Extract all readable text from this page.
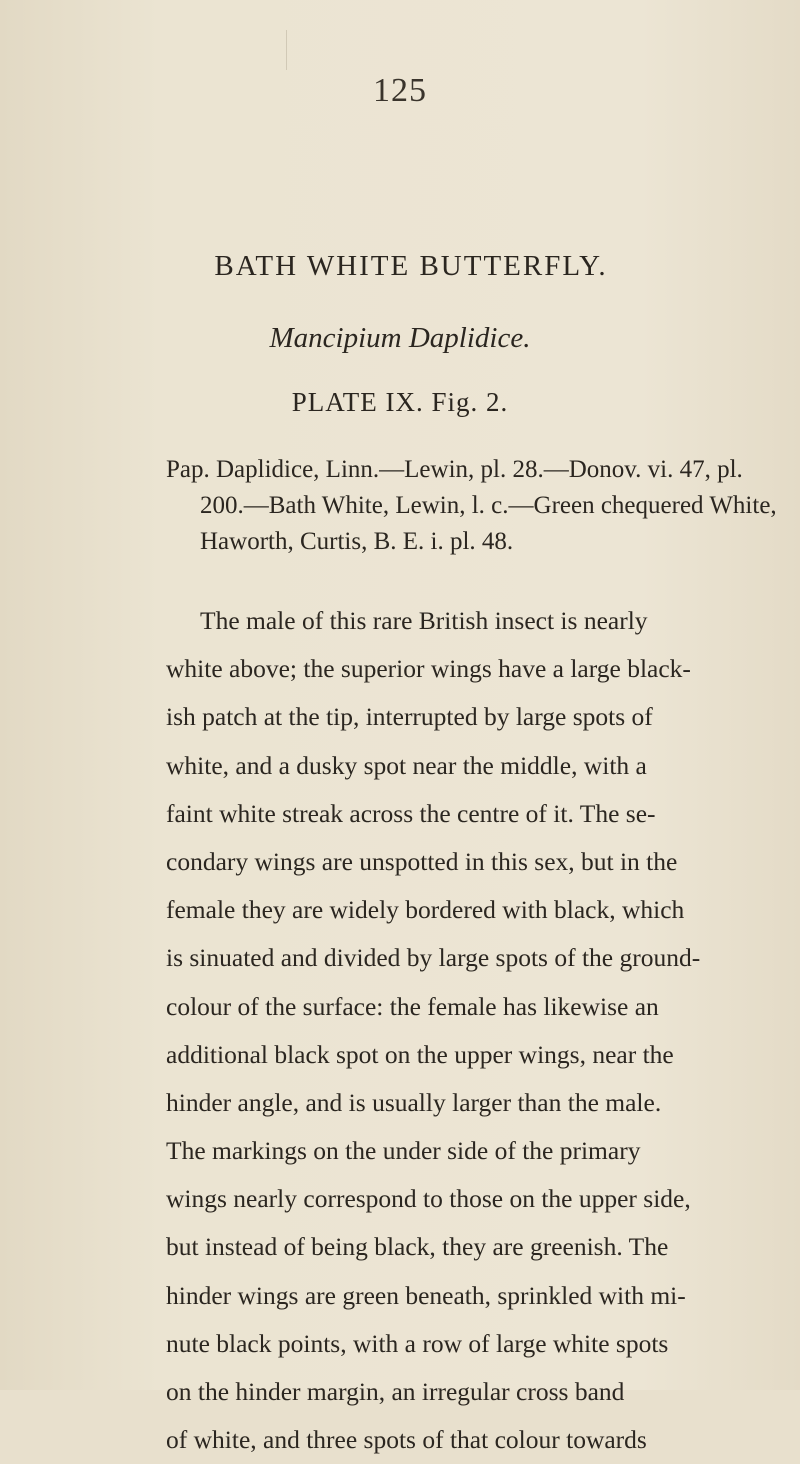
125
BATH WHITE BUTTERFLY.
Mancipium Daplidice.
PLATE IX. Fig. 2.
Pap. Daplidice, Linn.—Lewin, pl. 28.—Donov. vi. 47, pl.
200.—Bath White, Lewin, l. c.—Green chequered White,
Haworth, Curtis, B. E. i. pl. 48.
The male of this rare British insect is nearly
white above; the superior wings have a large black-
ish patch at the tip, interrupted by large spots of
white, and a dusky spot near the middle, with a
faint white streak across the centre of it. The se-
condary wings are unspotted in this sex, but in the
female they are widely bordered with black, which
is sinuated and divided by large spots of the ground-
colour of the surface: the female has likewise an
additional black spot on the upper wings, near the
hinder angle, and is usually larger than the male.
The markings on the under side of the primary
wings nearly correspond to those on the upper side,
but instead of being black, they are greenish. The
hinder wings are green beneath, sprinkled with mi-
nute black points, with a row of large white spots
on the hinder margin, an irregular cross band
of white, and three spots of that colour towards
